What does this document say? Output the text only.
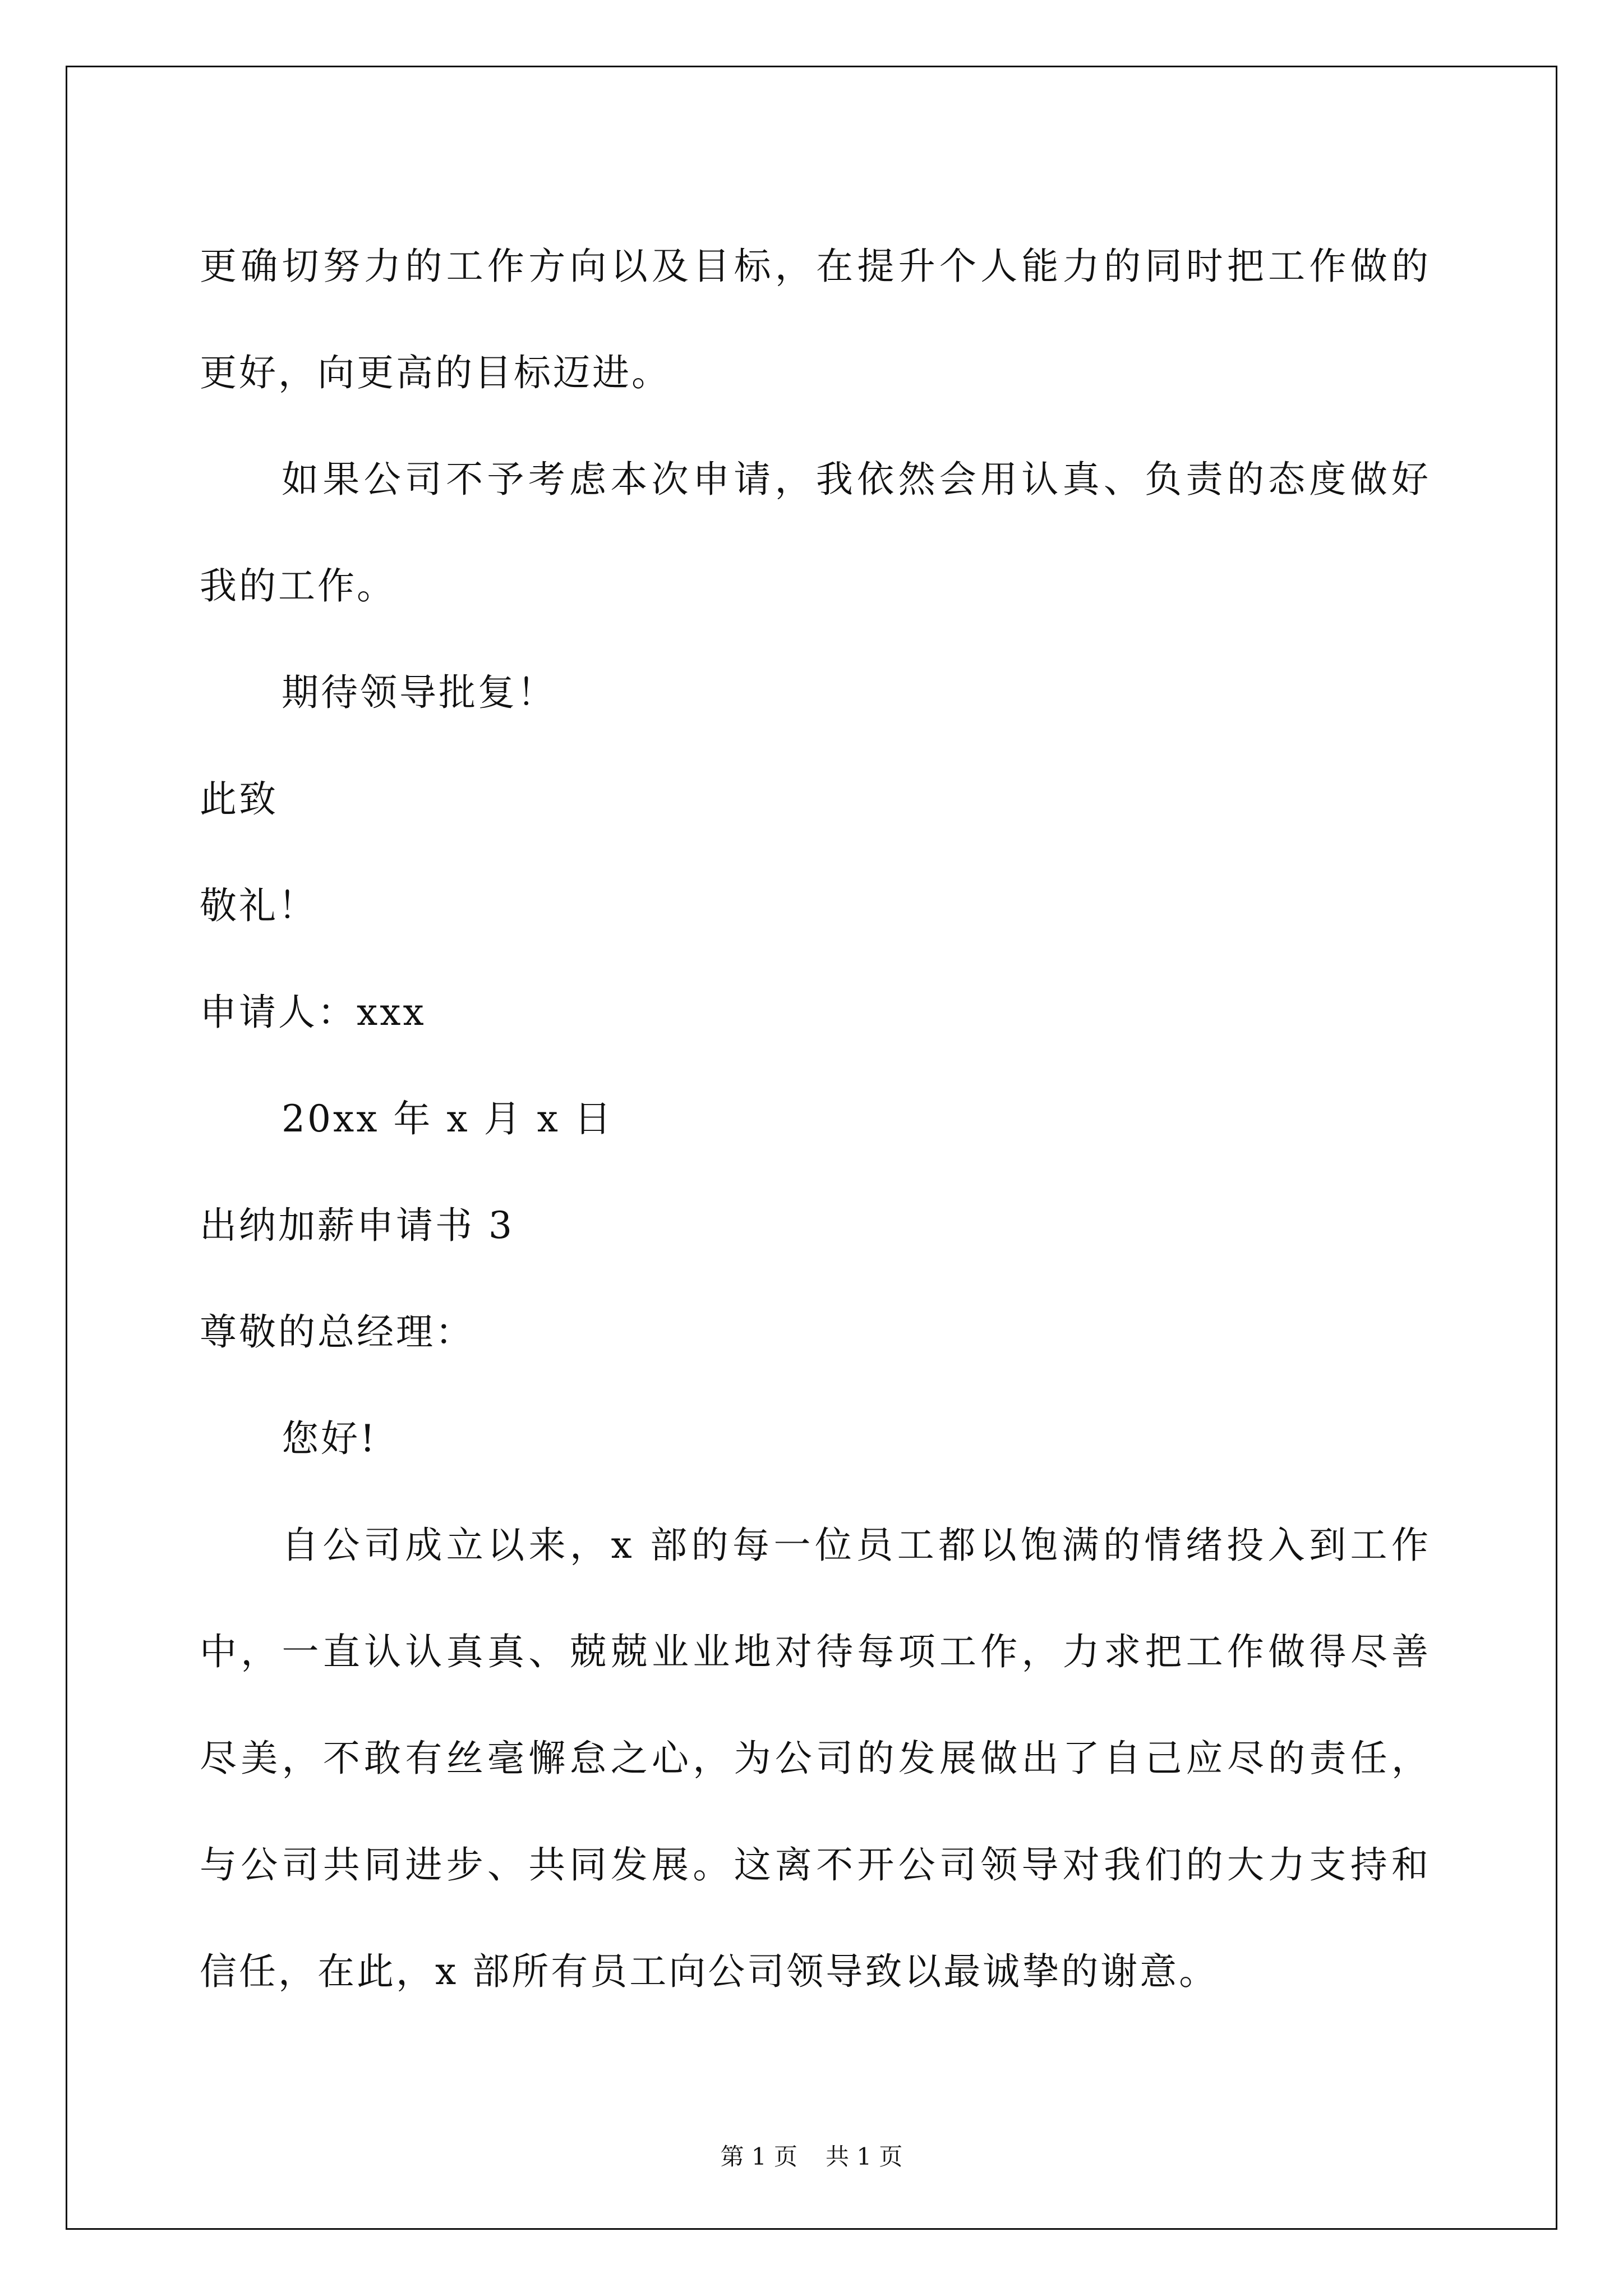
更确切努力的工作方向以及目标，在提升个人能力的同时把工作做的
更好，向更高的目标迈进。
如果公司不予考虑本次申请，我依然会用认真、负责的态度做好
我的工作。
期待领导批复！
此致
敬礼！
申请人：xxx
20xx 年 x 月 x 日
出纳加薪申请书 3
尊敬的总经理：
您好!
自公司成立以来，x 部的每一位员工都以饱满的情绪投入到工作
中，一直认认真真、兢兢业业地对待每项工作，力求把工作做得尽善
尽美，不敢有丝毫懈怠之心，为公司的发展做出了自己应尽的责任，
与公司共同进步、共同发展。这离不开公司领导对我们的大力支持和
信任，在此，x 部所有员工向公司领导致以最诚挚的谢意。
第 1 页 共 1 页
